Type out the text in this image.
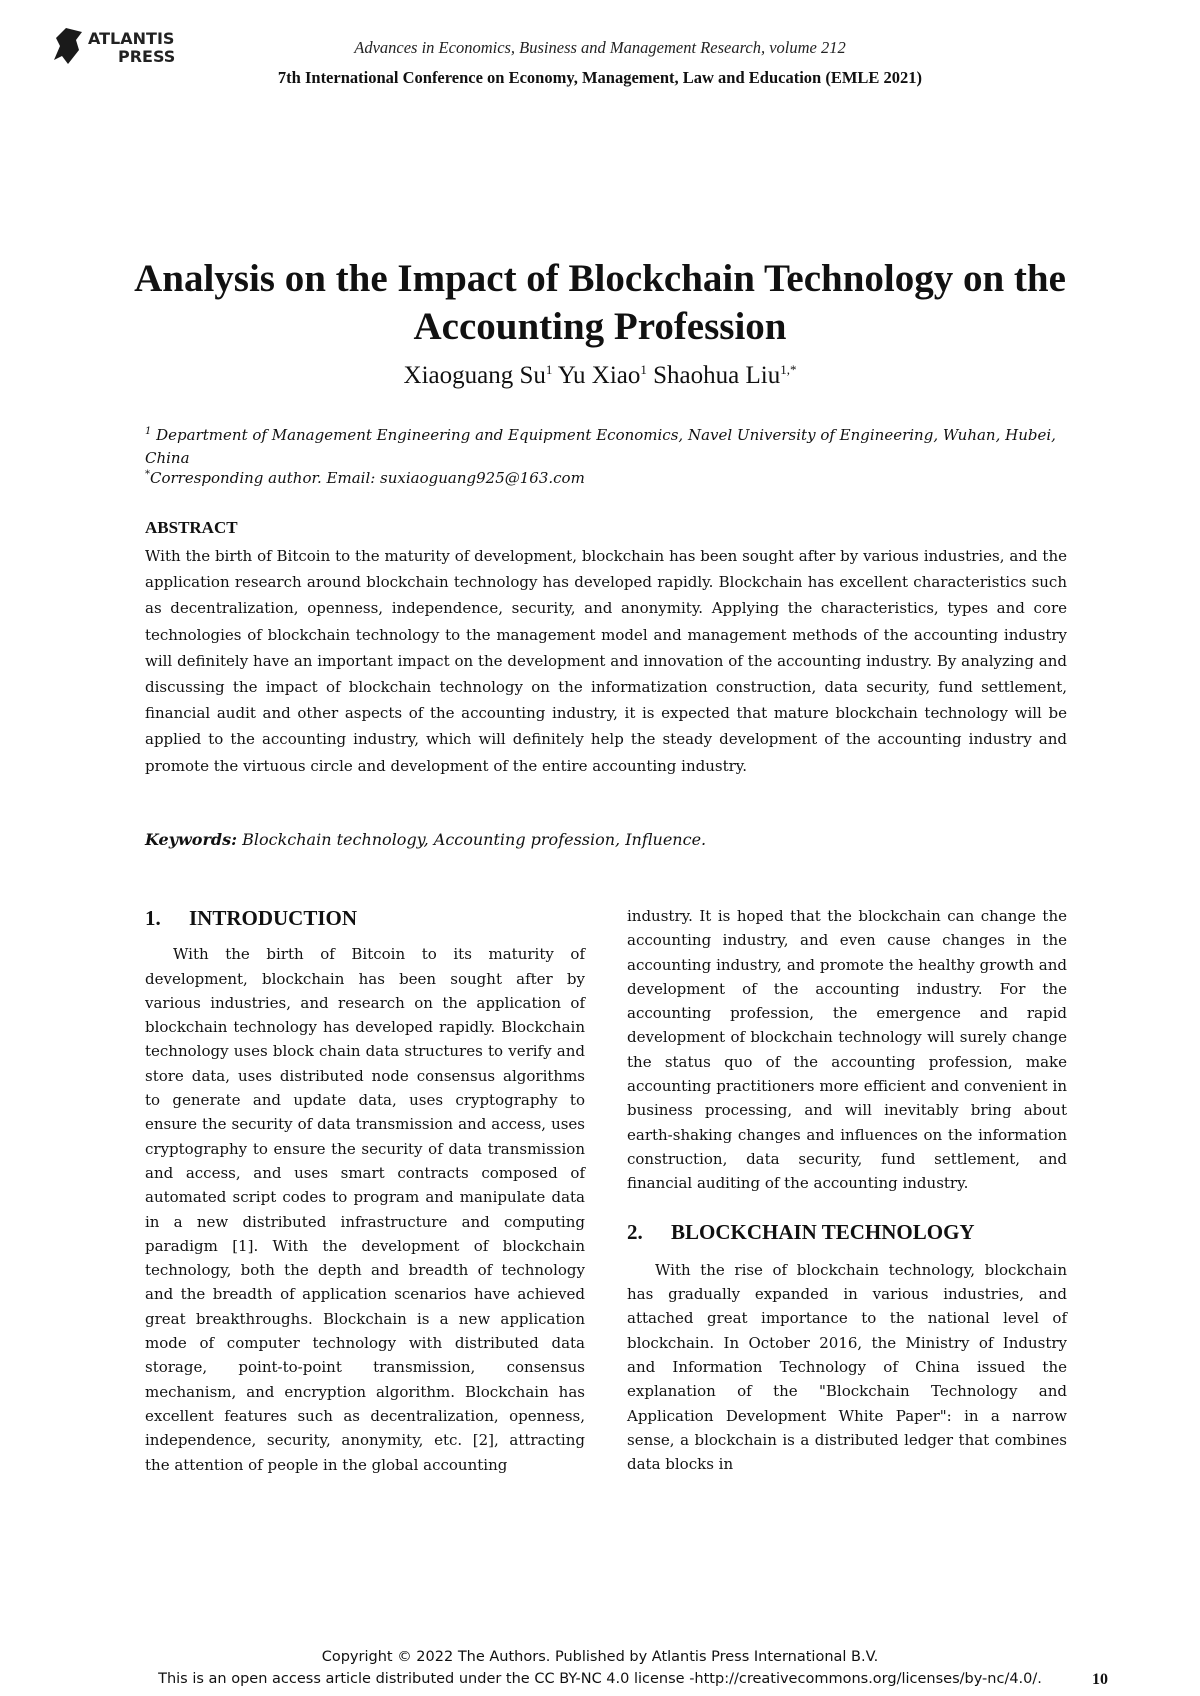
ATLANTIS
PRESS	Advances in Economics, Business and Management Research, volume 212
7th International Conference on Economy, Management, Law and Education (EMLE 2021)
Analysis on the Impact of Blockchain Technology on the Accounting Profession
Xiaoguang Su$^1$ Yu Xiao$^1$ Shaohua Liu$^{1,*}$
$^1$ Department of Management Engineering and Equipment Economics, Navel University of Engineering, Wuhan, Hubei, China
*Corresponding author. Email: suxiaoguang925@163.com
ABSTRACT

With the birth of Bitcoin to the maturity of development, blockchain has been sought after by various industries, and the application research around blockchain technology has developed rapidly. Blockchain has excellent characteristics such as decentralization, openness, independence, security, and anonymity. Applying the characteristics, types and core technologies of blockchain technology to the management model and management methods of the accounting industry will definitely have an important impact on the development and innovation of the accounting industry. By analyzing and discussing the impact of blockchain technology on the informatization construction, data security, fund settlement, financial audit and other aspects of the accounting industry, it is expected that mature blockchain technology will be applied to the accounting industry, which will definitely help the steady development of the accounting industry and promote the virtuous circle and development of the entire accounting industry.

Keywords: Blockchain technology, Accounting profession, Influence.
1. INTRODUCTION

With the birth of Bitcoin to its maturity of development, blockchain has been sought after by various industries, and research on the application of blockchain technology has developed rapidly. Blockchain technology uses block chain data structures to verify and store data, uses distributed node consensus algorithms to generate and update data, uses cryptography to ensure the security of data transmission and access, uses cryptography to ensure the security of data transmission and access, and uses smart contracts composed of automated script codes to program and manipulate data in a new distributed infrastructure and computing paradigm [1]. With the development of blockchain technology, both the depth and breadth of technology and the breadth of application scenarios have achieved great breakthroughs. Blockchain is a new application mode of computer technology with distributed data storage, point-to-point transmission, consensus mechanism, and encryption algorithm. Blockchain has excellent features such as decentralization, openness, independence, security, anonymity, etc. [2], attracting the attention of people in the global accounting

industry. It is hoped that the blockchain can change the accounting industry, and even cause changes in the accounting industry, and promote the healthy growth and development of the accounting industry. For the accounting profession, the emergence and rapid development of blockchain technology will surely change the status quo of the accounting profession, make accounting practitioners more efficient and convenient in business processing, and will inevitably bring about earth-shaking changes and influences on the information construction, data security, fund settlement, and financial auditing of the accounting industry.

2. BLOCKCHAIN TECHNOLOGY

With the rise of blockchain technology, blockchain has gradually expanded in various industries, and attached great importance to the national level of blockchain. In October 2016, the Ministry of Industry and Information Technology of China issued the explanation of the "Blockchain Technology and Application Development White Paper": in a narrow sense, a blockchain is a distributed ledger that combines data blocks in

Copyright © 2022 The Authors. Published by Atlantis Press International B.V.
This is an open access article distributed under the CC BY-NC 4.0 license -http://creativecommons.org/licenses/by-nc/4.0/.	10
